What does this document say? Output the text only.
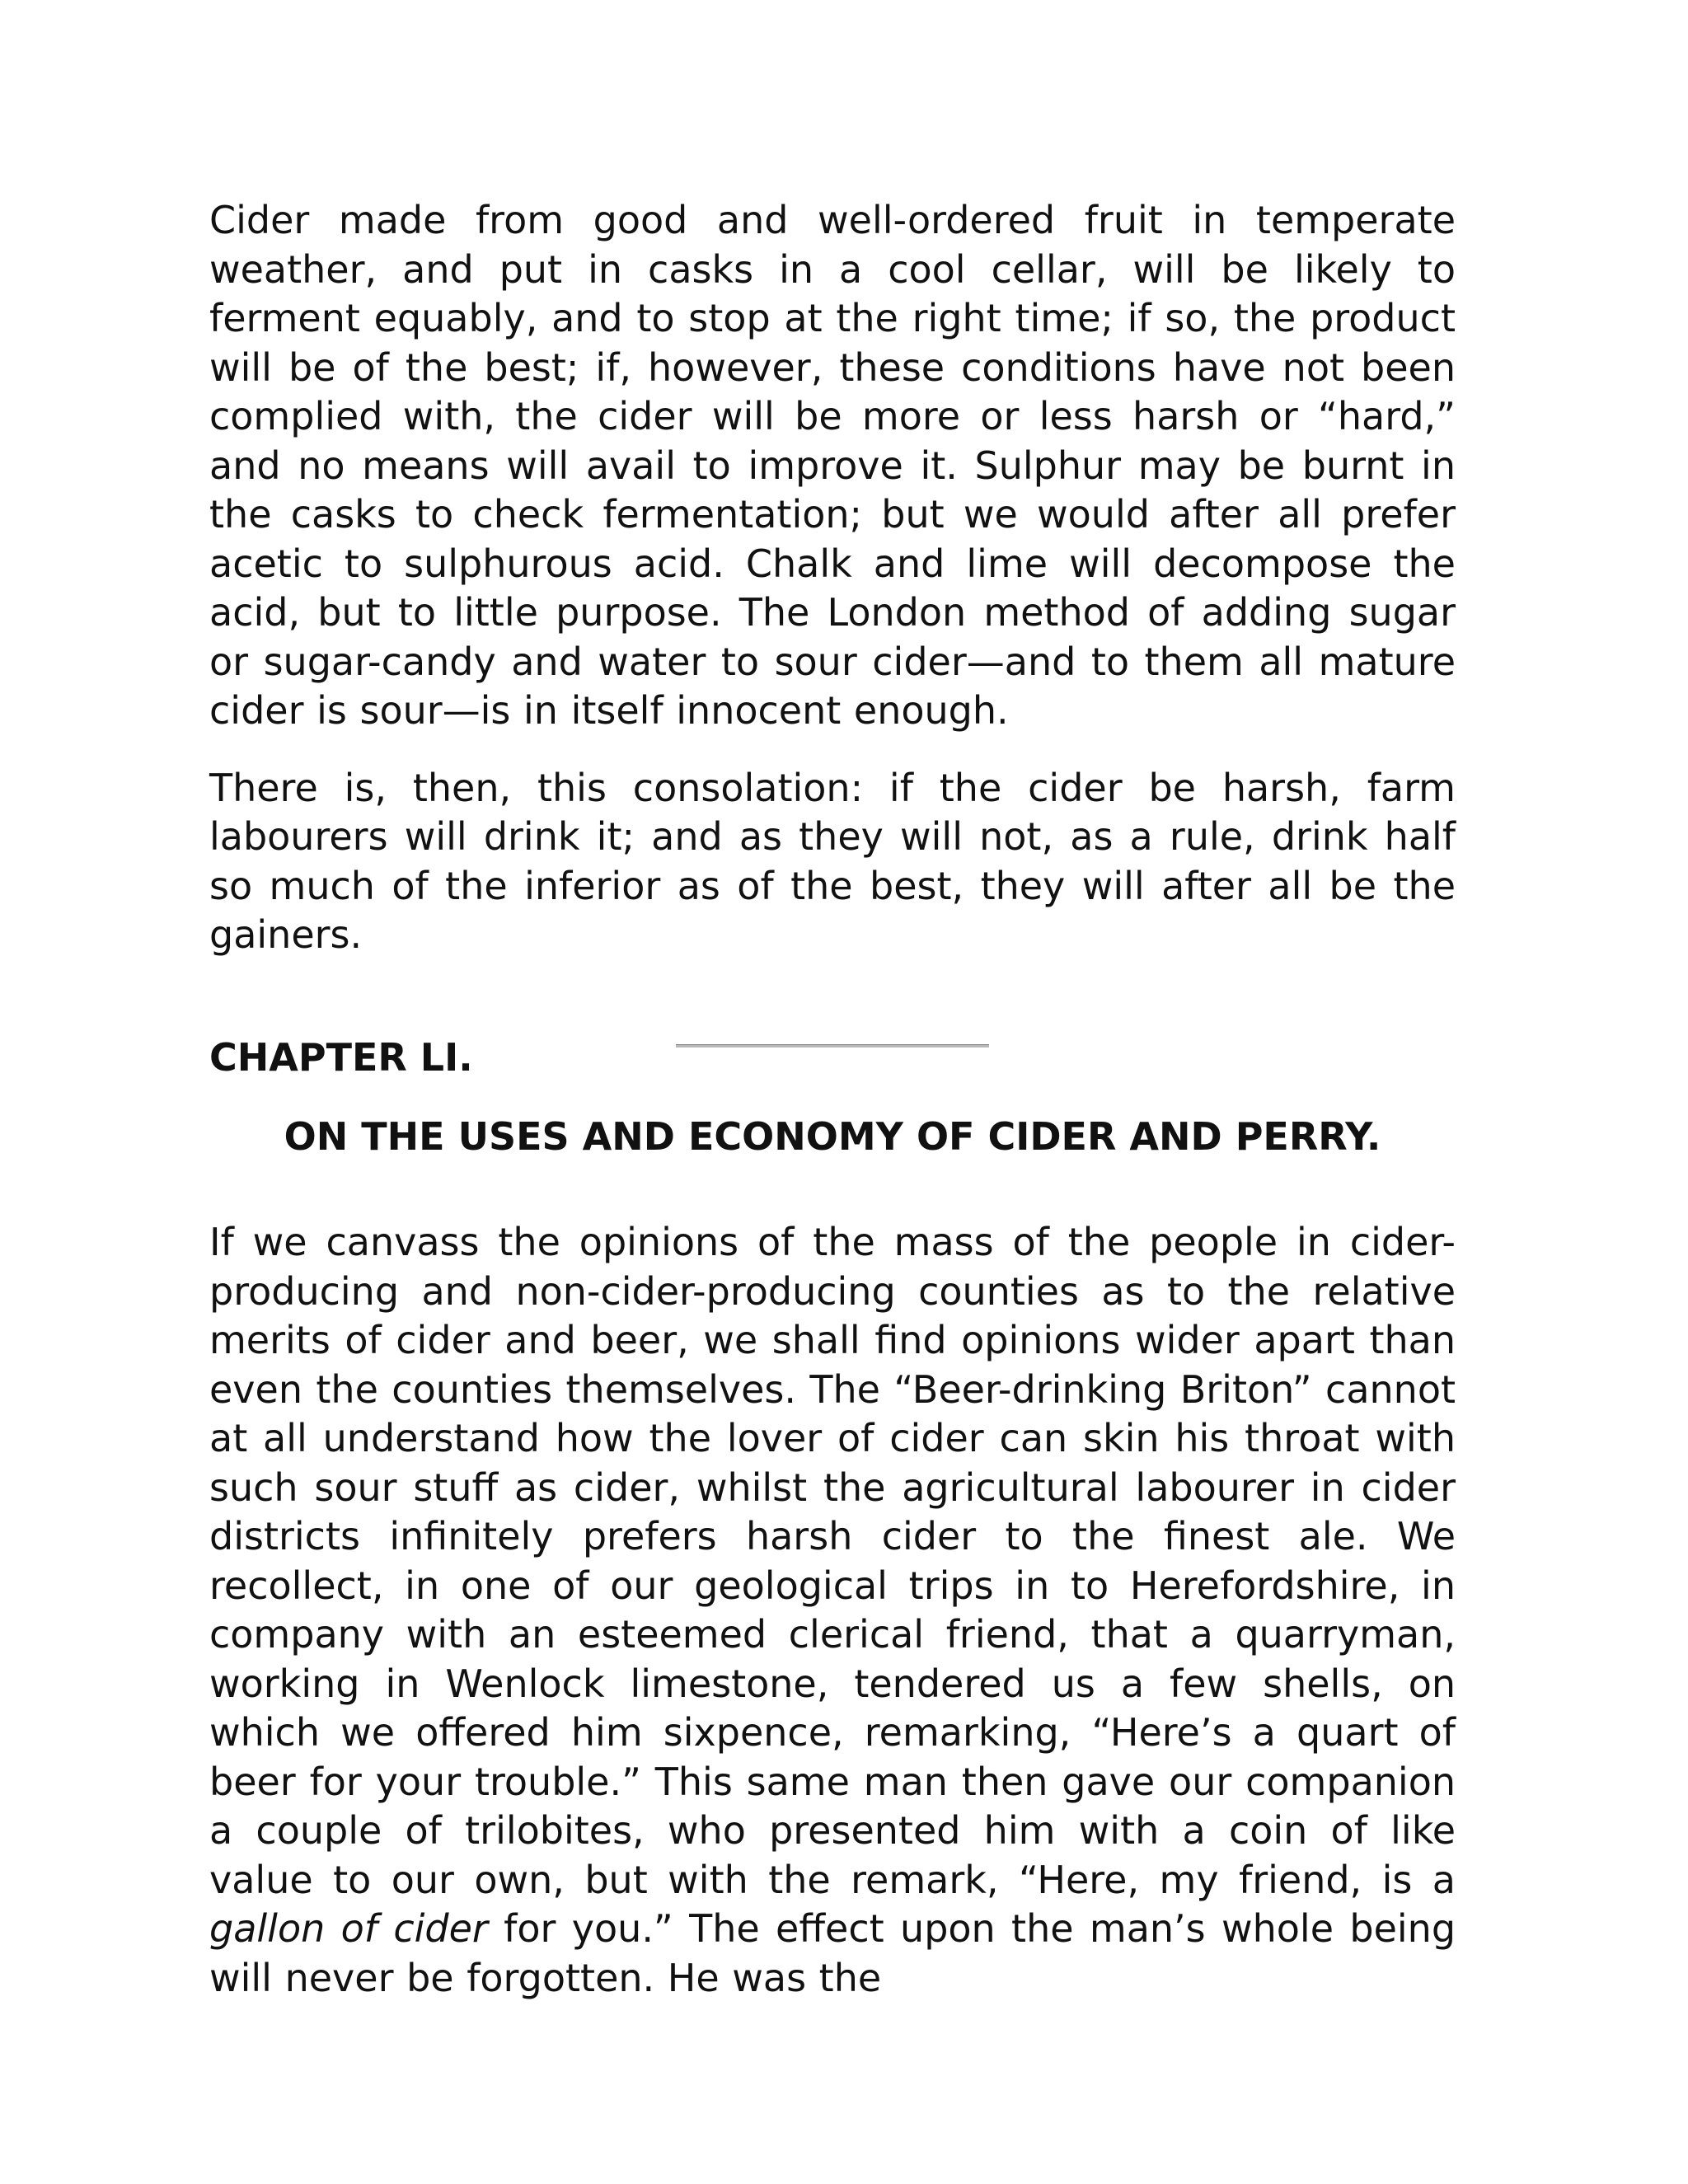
Cider made from good and well-ordered fruit in temperate weather, and put in casks in a cool cellar, will be likely to ferment equably, and to stop at the right time; if so, the product will be of the best; if, however, these conditions have not been complied with, the cider will be more or less harsh or “hard,” and no means will avail to improve it. Sulphur may be burnt in the casks to check fermentation; but we would after all prefer acetic to sulphurous acid. Chalk and lime will decompose the acid, but to little purpose. The London method of adding sugar or sugar-candy and water to sour cider—and to them all mature cider is sour—is in itself innocent enough.

There is, then, this consolation: if the cider be harsh, farm labourers will drink it; and as they will not, as a rule, drink half so much of the inferior as of the best, they will after all be the gainers.

CHAPTER LI.
ON THE USES AND ECONOMY OF CIDER AND PERRY.

If we canvass the opinions of the mass of the people in cider-producing and non-cider-producing counties as to the relative merits of cider and beer, we shall find opinions wider apart than even the counties themselves. The “Beer-drinking Briton” cannot at all understand how the lover of cider can skin his throat with such sour stuff as cider, whilst the agricultural labourer in cider districts infinitely prefers harsh cider to the finest ale. We recollect, in one of our geological trips in to Herefordshire, in company with an esteemed clerical friend, that a quarryman, working in Wenlock limestone, tendered us a few shells, on which we offered him sixpence, remarking, “Here’s a quart of beer for your trouble.” This same man then gave our companion a couple of trilobites, who presented him with a coin of like value to our own, but with the remark, “Here, my friend, is a gallon of cider for you.” The effect upon the man’s whole being will never be forgotten. He was the
